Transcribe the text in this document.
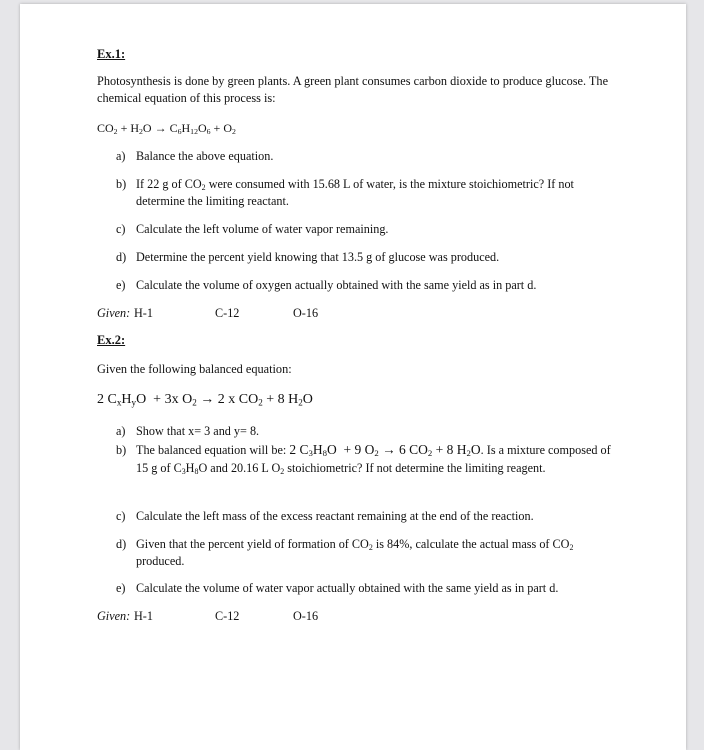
Ex.1:
Photosynthesis is done by green plants. A green plant consumes carbon dioxide to produce glucose. The chemical equation of this process is:
$CO_2 + H_2O \to C_6H_{12}O_6 + O_2$
a) Balance the above equation.
b) If 22 g of $CO_2$ were consumed with 15.68 L of water, is the mixture stoichiometric? If not determine the limiting reactant.
c) Calculate the left volume of water vapor remaining.
d) Determine the percent yield knowing that 13.5 g of glucose was produced.
e) Calculate the volume of oxygen actually obtained with the same yield as in part d.
Given: H-1	C-12	O-16
Ex.2:
Given the following balanced equation:
2 $C_xH_yO + 3x$ $O_2 \to 2$ x $CO_2 + 8$ $H_2O$
a) Show that x= 3 and y= 8.
b) The balanced equation will be: 2 $C_3H_8O + 9$ $O_2 \to 6$ $CO_2 + 8$ $H_2O$. Is a mixture composed of 15 g of $C_3H_8O$ and 20.16 L $O_2$ stoichiometric? If not determine the limiting reagent.
c) Calculate the left mass of the excess reactant remaining at the end of the reaction.
d) Given that the percent yield of formation of $CO_2$ is 84%, calculate the actual mass of $CO_2$ produced.
e) Calculate the volume of water vapor actually obtained with the same yield as in part d.
Given: H-1	C-12	O-16
